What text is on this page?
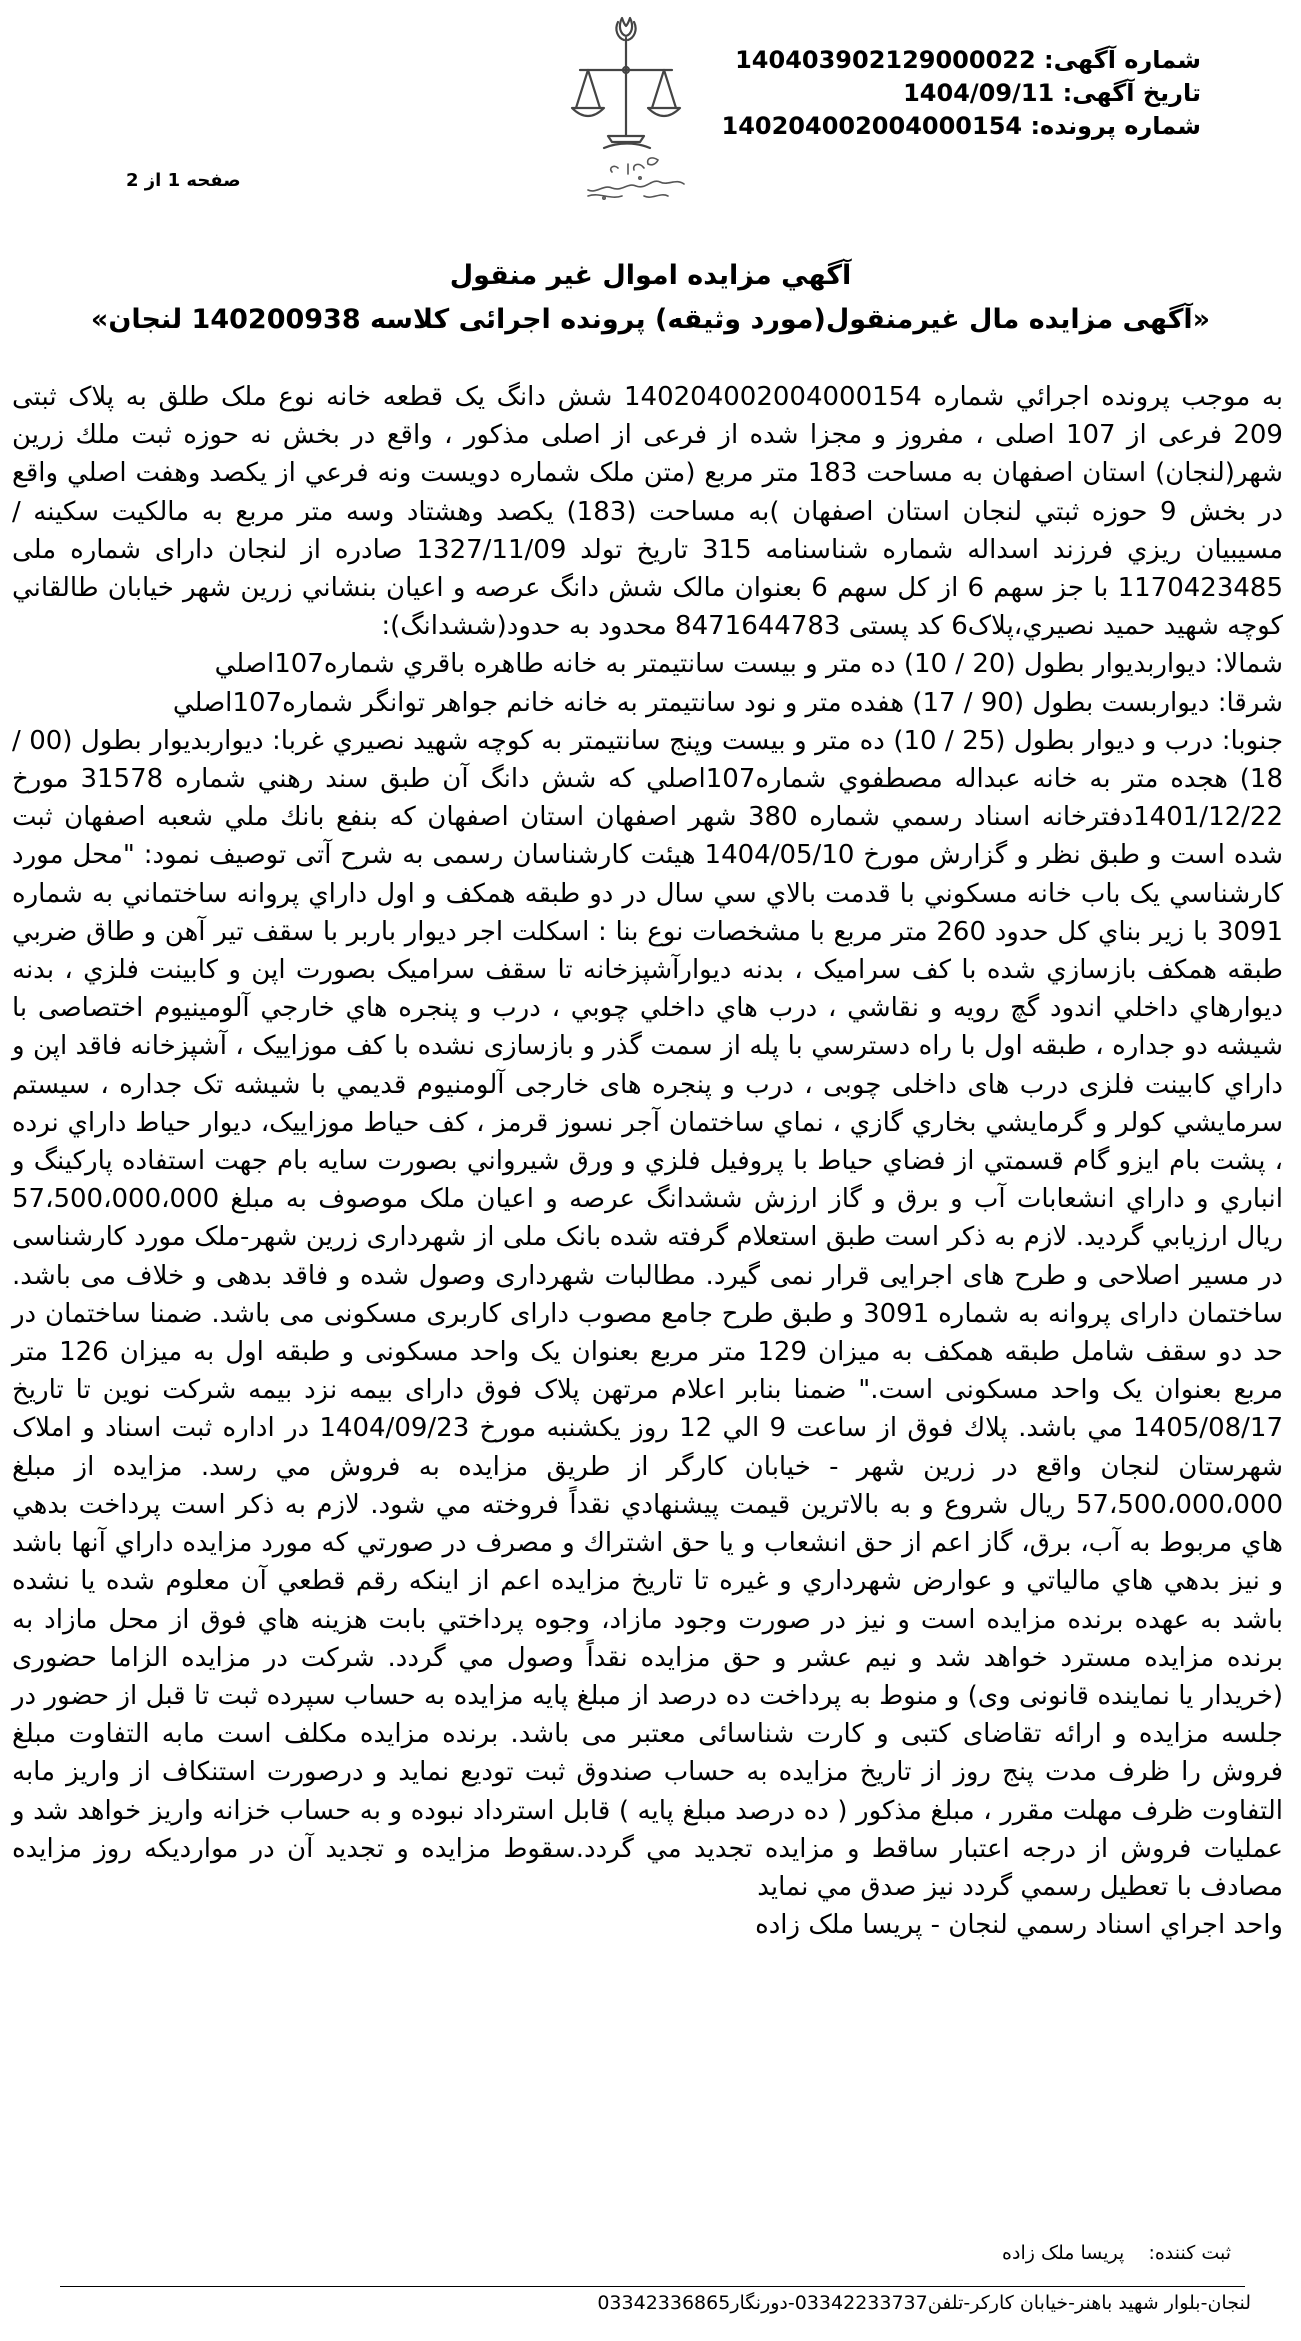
شماره آگهی: 140403902129000022
تاریخ آگهی: 1404/09/11
شماره پرونده: 140204002004000154
صفحه 1 از 2
آگهي مزايده اموال غير منقول
«آگهی مزایده مال غیرمنقول(مورد وثیقه) پرونده اجرائی کلاسه 140200938 لنجان»

به موجب پرونده اجرائي شماره 140204002004000154 شش دانگ يک قطعه خانه نوع ملک طلق به پلاک ثبتی 209 فرعی از 107 اصلی ، مفروز و مجزا شده از فرعی از اصلی مذکور ، واقع در بخش نه حوزه ثبت ملك زرين شهر(لنجان) استان اصفهان به مساحت 183 متر مربع (متن ملک شماره دويست ونه فرعي از يکصد وهفت اصلي واقع در بخش 9 حوزه ثبتي لنجان استان اصفهان )به مساحت (183) يکصد وهشتاد وسه متر مربع به مالکيت سکينه / مسيبيان ريزي فرزند اسداله شماره شناسنامه 315 تاريخ تولد 1327/11/09 صادره از لنجان دارای شماره ملی 1170423485 با جز سهم 6 از کل سهم 6 بعنوان مالک شش دانگ عرصه و اعيان بنشاني زرين شهر خيابان طالقاني کوچه شهيد حميد نصيري،پلاک6 کد پستی 8471644783 محدود به حدود(ششدانگ):

شمالا: ديواربديوار بطول (20 / 10) ده متر و بيست سانتيمتر به خانه طاهره باقري شماره107اصلي

شرقا: ديواربست بطول (90 / 17) هفده متر و نود سانتيمتر به خانه خانم جواهر توانگر شماره107اصلي

جنوبا: درب و ديوار بطول (25 / 10) ده متر و بيست وپنج سانتيمتر به کوچه شهيد نصيري غربا: ديواربديوار بطول (00 / 18) هجده متر به خانه عبداله مصطفوي شماره107اصلي که شش دانگ آن طبق سند رهني شماره 31578 مورخ 1401/12/22دفترخانه اسناد رسمي شماره 380 شهر اصفهان استان اصفهان که بنفع بانك ملي شعبه اصفهان ثبت شده است و طبق نظر و گزارش مورخ 1404/05/10 هيئت کارشناسان رسمی به شرح آتی توصیف نمود: "محل مورد کارشناسي يک باب خانه مسکوني با قدمت بالاي سي سال در دو طبقه همکف و اول داراي پروانه ساختماني به شماره 3091 با زير بناي کل حدود 260 متر مربع با مشخصات نوع بنا : اسکلت اجر ديوار باربر با سقف تير آهن و طاق ضربي طبقه همکف بازسازي شده با کف سرامیک ، بدنه ديوارآشپزخانه تا سقف سرامیک بصورت اپن و کابينت فلزي ، بدنه ديوارهاي داخلي اندود گچ رويه و نقاشي ، درب هاي داخلي چوبي ، درب و پنجره هاي خارجي آلومينيوم اختصاصی با شيشه دو جداره ، طبقه اول با راه دسترسي با پله از سمت گذر و بازسازی نشده با کف موزاييک ، آشپزخانه فاقد اپن و داراي کابينت فلزی درب های داخلی چوبی ، درب و پنجره های خارجی آلومنيوم قديمي با شيشه تک جداره ، سيستم سرمايشي کولر و گرمايشي بخاري گازي ، نماي ساختمان آجر نسوز قرمز ، کف حياط موزاييک، ديوار حياط داراي نرده ، پشت بام ايزو گام قسمتي از فضاي حياط با پروفيل فلزي و ورق شيرواني بصورت سايه بام جهت استفاده پارکينگ و انباري و داراي انشعابات آب و برق و گاز ارزش ششدانگ عرصه و اعيان ملک موصوف به مبلغ 57،500،000،000 ريال ارزيابي گرديد. لازم به ذکر است طبق استعلام گرفته شده بانک ملی از شهرداری زرين شهر-ملک مورد کارشناسی در مسير اصلاحی و طرح های اجرايی قرار نمی گيرد. مطالبات شهرداری وصول شده و فاقد بدهی و خلاف می باشد. ساختمان دارای پروانه به شماره 3091 و طبق طرح جامع مصوب دارای کاربری مسکونی می باشد. ضمنا ساختمان در حد دو سقف شامل طبقه همکف به ميزان 129 متر مربع بعنوان يک واحد مسکونی و طبقه اول به ميزان 126 متر مربع بعنوان يک واحد مسکونی است." ضمنا بنابر اعلام مرتهن پلاک فوق دارای بيمه نزد بيمه شرکت نوين تا تاریخ 1405/08/17 مي باشد. پلاك فوق از ساعت 9 الي 12 روز يكشنبه مورخ 1404/09/23 در اداره ثبت اسناد و املاک شهرستان لنجان واقع در زرين شهر - خيابان کارگر از طريق مزايده به فروش مي رسد. مزايده از مبلغ 57،500،000،000 ريال شروع و به بالاترين قيمت پيشنهادي نقداً فروخته مي شود. لازم به ذكر است پرداخت بدهي هاي مربوط به آب، برق، گاز اعم از حق انشعاب و يا حق اشتراك و مصرف در صورتي كه مورد مزايده داراي آنها باشد و نيز بدهي هاي مالياتي و عوارض شهرداري و غيره تا تاريخ مزايده اعم از اينكه رقم قطعي آن معلوم شده يا نشده باشد به عهده برنده مزايده است و نيز در صورت وجود مازاد، وجوه پرداختي بابت هزينه هاي فوق از محل مازاد به برنده مزايده مسترد خواهد شد و نيم عشر و حق مزايده نقداً وصول مي گردد. شرکت در مزايده الزاما حضوری (خريدار يا نماينده قانونی وی) و منوط به پرداخت ده درصد از مبلغ پايه مزايده به حساب سپرده ثبت تا قبل از حضور در جلسه مزايده و ارائه تقاضای کتبی و کارت شناسائی معتبر می باشد. برنده مزايده مكلف است مابه التفاوت مبلغ فروش را ظرف مدت پنج روز از تاريخ مزايده به حساب صندوق ثبت توديع نمايد و درصورت استنكاف از واريز مابه التفاوت ظرف مهلت مقرر ، مبلغ مذكور ( ده درصد مبلغ پايه ) قابل استرداد نبوده و به حساب خزانه واريز خواهد شد و عمليات فروش از درجه اعتبار ساقط و مزايده تجديد مي گردد.سقوط مزايده و تجديد آن در مواردیكه روز مزايده مصادف با تعطيل رسمي گردد نيز صدق مي نمايد

واحد اجراي اسناد رسمي لنجان - پريسا ملک زاده

ثبت کننده:    پریسا ملک زاده
لنجان-بلوار شهيد باهنر-خيابان كاركر-تلفن03342233737-دورنگار03342336865
